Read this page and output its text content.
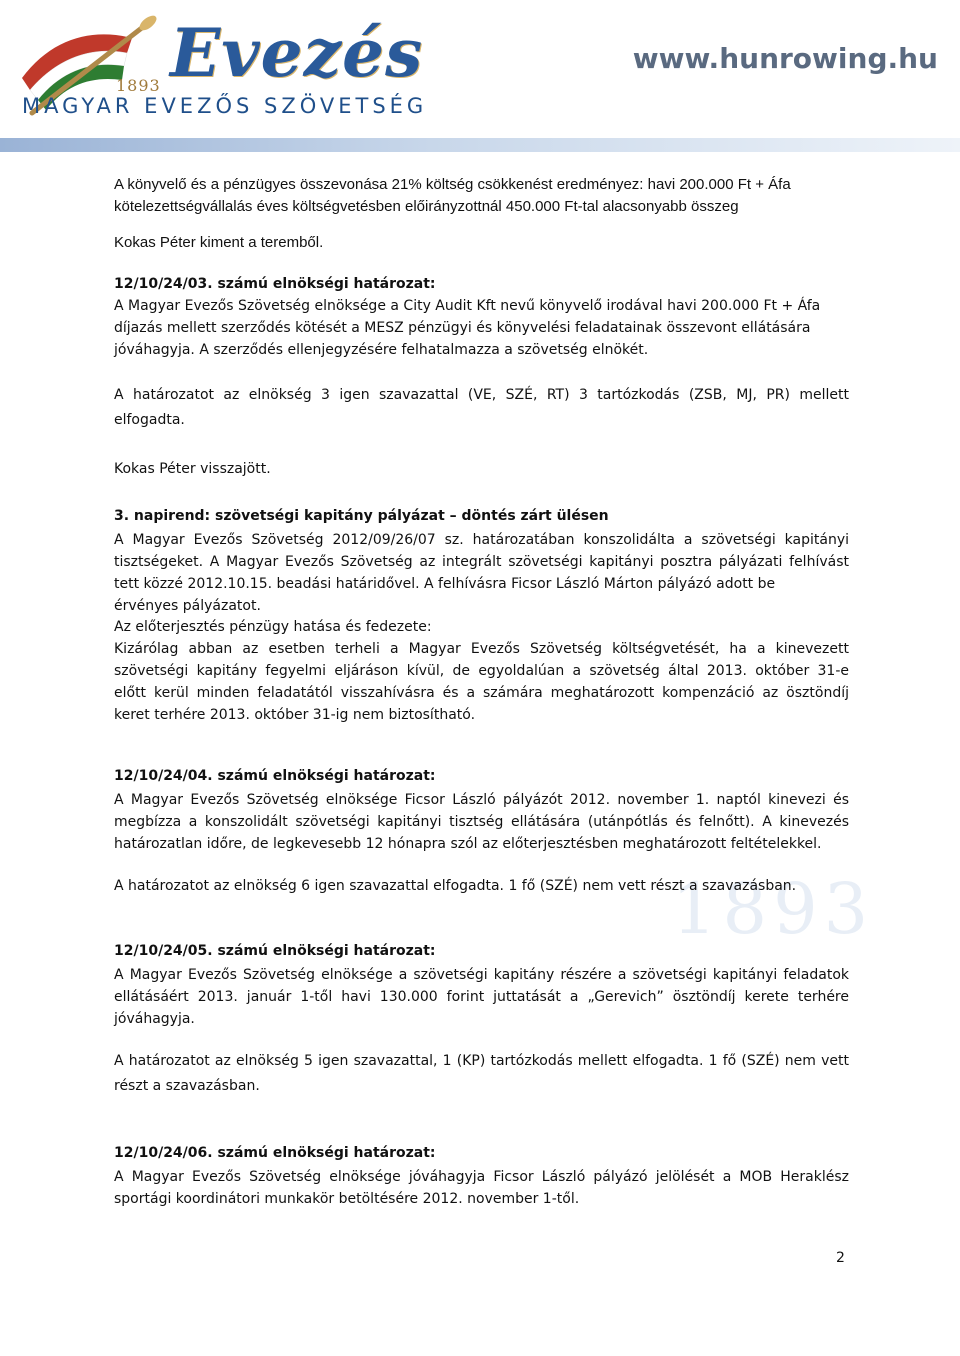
Evezés
1893
MAGYAR EVEZŐS SZÖVETSÉG
www.hunrowing.hu
1893
A könyvelő és a pénzügyes összevonása 21% költség csökkenést eredményez: havi 200.000 Ft + Áfa
kötelezettségvállalás éves költségvetésben előirányzottnál 450.000 Ft-tal alacsonyabb összeg
Kokas Péter kiment a teremből.
12/10/24/03. számú elnökségi határozat:
A Magyar Evezős Szövetség elnöksége a City Audit Kft nevű könyvelő irodával havi 200.000 Ft + Áfa
díjazás mellett szerződés kötését a MESZ pénzügyi és könyvelési feladatainak összevont ellátására
jóváhagyja. A szerződés ellenjegyzésére felhatalmazza a szövetség elnökét.
A határozatot az elnökség 3 igen szavazattal (VE, SZÉ, RT) 3 tartózkodás (ZSB, MJ, PR) mellett
elfogadta.
Kokas Péter visszajött.
3. napirend: szövetségi kapitány pályázat – döntés zárt ülésen
A Magyar Evezős Szövetség 2012/09/26/07 sz. határozatában konszolidálta a szövetségi kapitányi
tisztségeket. A Magyar Evezős Szövetség az integrált szövetségi kapitányi posztra pályázati felhívást
tett közzé 2012.10.15. beadási határidővel. A felhívásra Ficsor László Márton pályázó adott be
érvényes pályázatot.
Az előterjesztés pénzügy hatása és fedezete:
Kizárólag abban az esetben terheli a Magyar Evezős Szövetség költségvetését, ha a kinevezett
szövetségi kapitány fegyelmi eljáráson kívül, de egyoldalúan a szövetség által 2013. október 31-e
előtt kerül minden feladatától visszahívásra és a számára meghatározott kompenzáció az ösztöndíj
keret terhére 2013. október 31-ig nem biztosítható.
12/10/24/04. számú elnökségi határozat:
A Magyar Evezős Szövetség elnöksége Ficsor László pályázót 2012. november 1. naptól kinevezi és
megbízza a konszolidált szövetségi kapitányi tisztség ellátására (utánpótlás és felnőtt). A kinevezés
határozatlan időre, de legkevesebb 12 hónapra szól az előterjesztésben meghatározott feltételekkel.
A határozatot az elnökség 6 igen szavazattal elfogadta. 1 fő (SZÉ) nem vett részt a szavazásban.
12/10/24/05. számú elnökségi határozat:
A Magyar Evezős Szövetség elnöksége a szövetségi kapitány részére a szövetségi kapitányi feladatok
ellátásáért 2013. január 1-től havi 130.000 forint juttatását a „Gerevich” ösztöndíj kerete terhére
jóváhagyja.
A határozatot az elnökség 5 igen szavazattal, 1 (KP) tartózkodás mellett elfogadta. 1 fő (SZÉ) nem vett
részt a szavazásban.
12/10/24/06. számú elnökségi határozat:
A Magyar Evezős Szövetség elnöksége jóváhagyja Ficsor László pályázó jelölését a MOB Heraklész
sportági koordinátori munkakör betöltésére 2012. november 1-től.
2
